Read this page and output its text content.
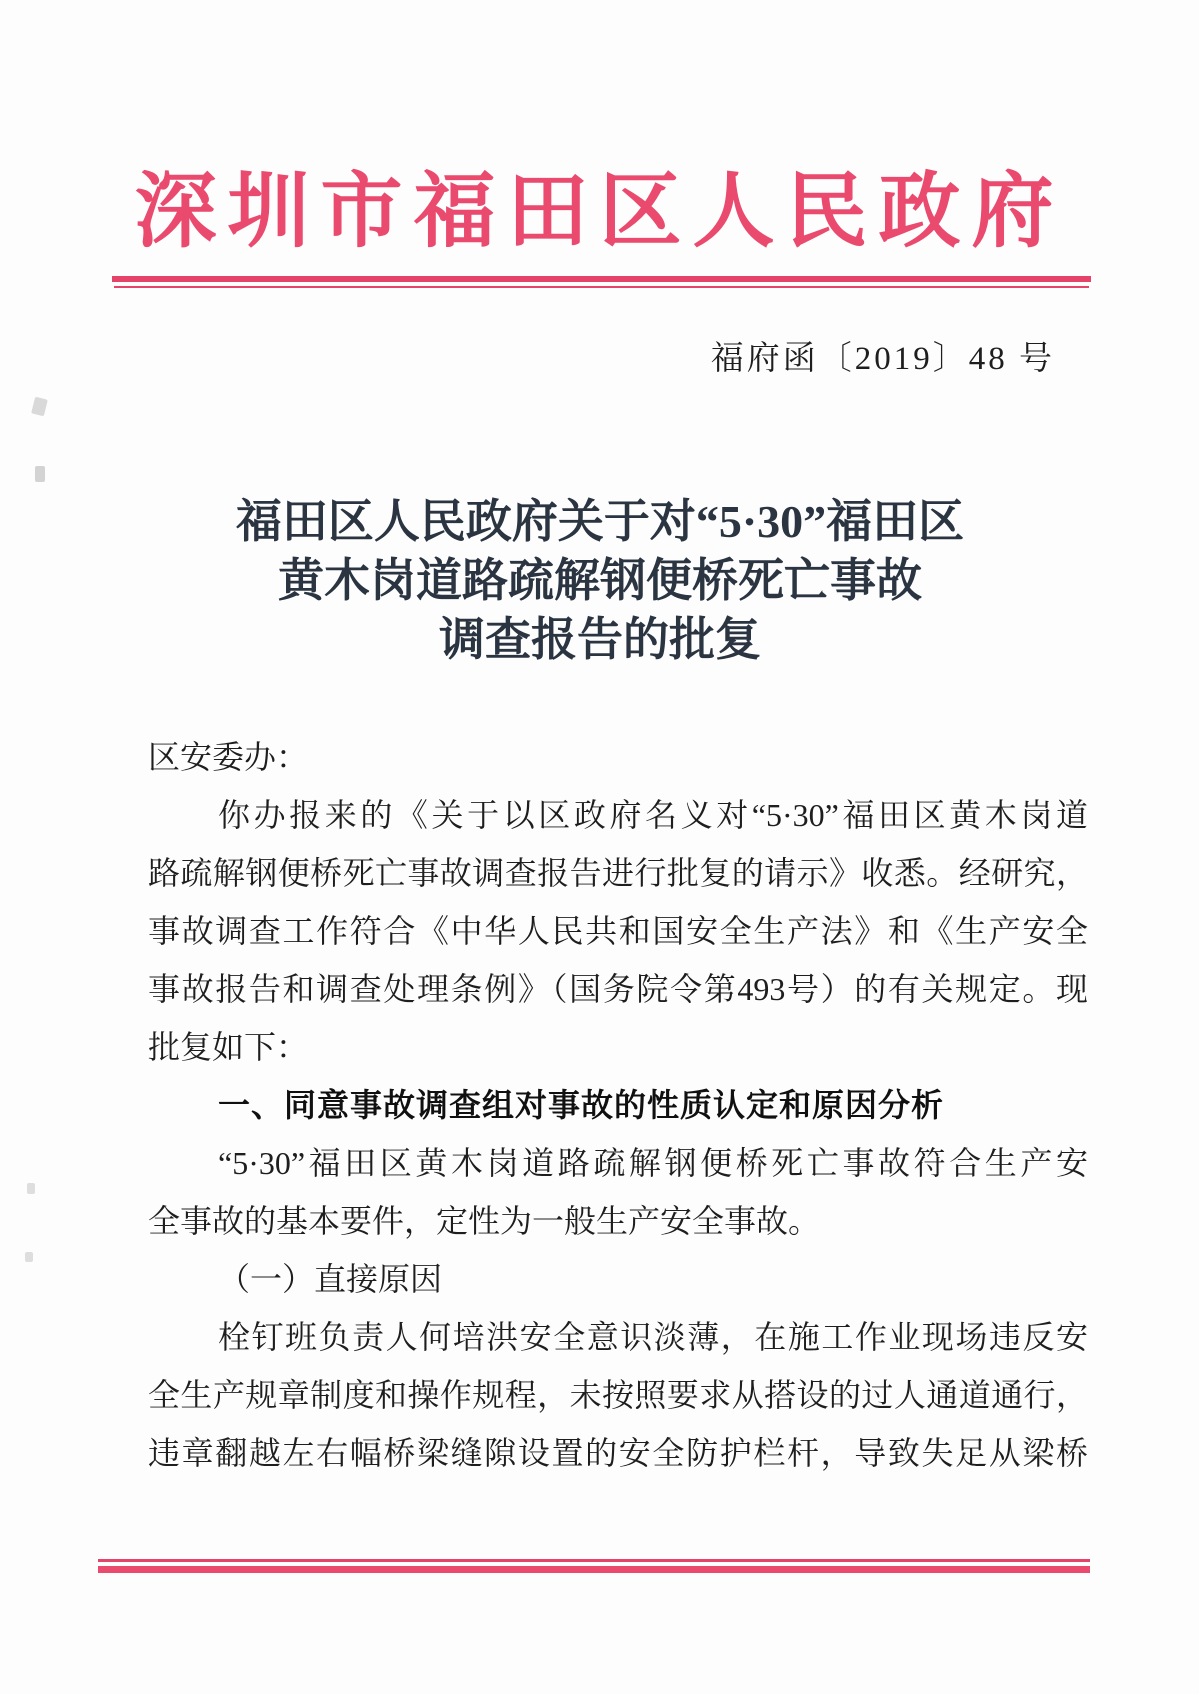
深圳市福田区人民政府
福府函〔2019〕48 号
福田区人民政府关于对“5·30”福田区
黄木岗道路疏解钢便桥死亡事故
调查报告的批复
区安委办：
你办报来的《关于以区政府名义对“5·30”福田区黄木岗道
路疏解钢便桥死亡事故调查报告进行批复的请示》收悉。经研究，
事故调查工作符合《中华人民共和国安全生产法》和《生产安全
事故报告和调查处理条例》（国务院令第493号）的有关规定。现
批复如下：
一、同意事故调查组对事故的性质认定和原因分析
“5·30”福田区黄木岗道路疏解钢便桥死亡事故符合生产安
全事故的基本要件，定性为一般生产安全事故。
（一）直接原因
栓钉班负责人何培洪安全意识淡薄，在施工作业现场违反安
全生产规章制度和操作规程，未按照要求从搭设的过人通道通行，
违章翻越左右幅桥梁缝隙设置的安全防护栏杆，导致失足从梁桥
